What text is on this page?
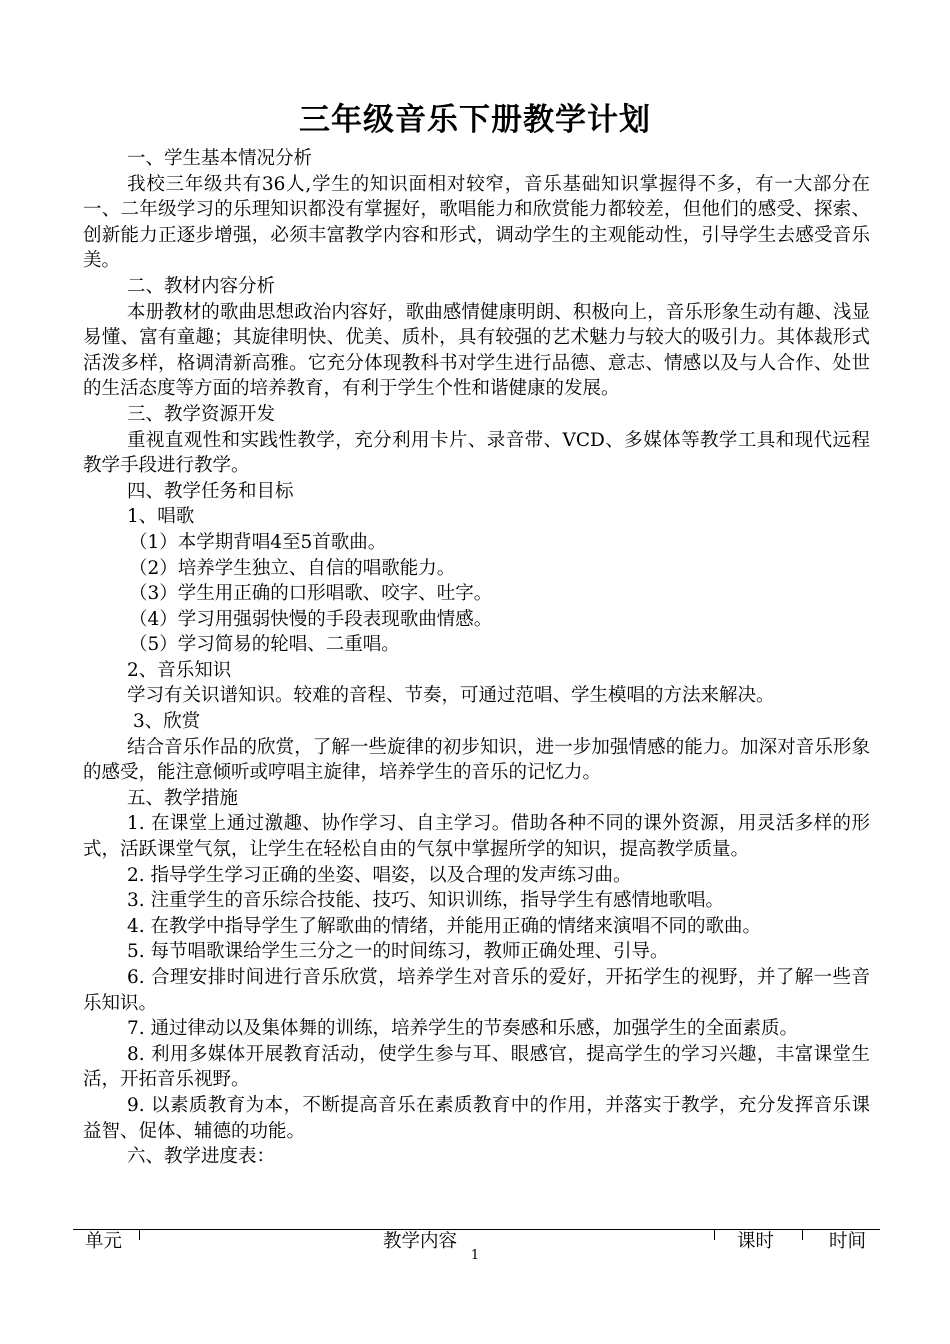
三年级音乐下册教学计划

一、学生基本情况分析

我校三年级共有36人,学生的知识面相对较窄，音乐基础知识掌握得不多，有一大部分在一、二年级学习的乐理知识都没有掌握好，歌唱能力和欣赏能力都较差，但他们的感受、探索、创新能力正逐步增强，必须丰富教学内容和形式，调动学生的主观能动性，引导学生去感受音乐美。

二、教材内容分析

本册教材的歌曲思想政治内容好，歌曲感情健康明朗、积极向上，音乐形象生动有趣、浅显易懂、富有童趣；其旋律明快、优美、质朴，具有较强的艺术魅力与较大的吸引力。其体裁形式活泼多样，格调清新高雅。它充分体现教科书对学生进行品德、意志、情感以及与人合作、处世的生活态度等方面的培养教育，有利于学生个性和谐健康的发展。

三、教学资源开发

重视直观性和实践性教学，充分利用卡片、录音带、VCD、多媒体等教学工具和现代远程教学手段进行教学。

四、教学任务和目标

1、唱歌

（1）本学期背唱4至5首歌曲。

（2）培养学生独立、自信的唱歌能力。

（3）学生用正确的口形唱歌、咬字、吐字。

（4）学习用强弱快慢的手段表现歌曲情感。

（5）学习简易的轮唱、二重唱。

2、音乐知识

学习有关识谱知识。较难的音程、节奏，可通过范唱、学生模唱的方法来解决。

3、欣赏

结合音乐作品的欣赏，了解一些旋律的初步知识，进一步加强情感的能力。加深对音乐形象的感受，能注意倾听或哼唱主旋律，培养学生的音乐的记忆力。

五、教学措施

1. 在课堂上通过激趣、协作学习、自主学习。借助各种不同的课外资源，用灵活多样的形式，活跃课堂气氛，让学生在轻松自由的气氛中掌握所学的知识，提高教学质量。

2. 指导学生学习正确的坐姿、唱姿，以及合理的发声练习曲。

3. 注重学生的音乐综合技能、技巧、知识训练，指导学生有感情地歌唱。

4. 在教学中指导学生了解歌曲的情绪，并能用正确的情绪来演唱不同的歌曲。

5. 每节唱歌课给学生三分之一的时间练习，教师正确处理、引导。

6. 合理安排时间进行音乐欣赏，培养学生对音乐的爱好，开拓学生的视野，并了解一些音乐知识。

7. 通过律动以及集体舞的训练，培养学生的节奏感和乐感，加强学生的全面素质。

8. 利用多媒体开展教育活动，使学生参与耳、眼感官，提高学生的学习兴趣，丰富课堂生活，开拓音乐视野。

9. 以素质教育为本，不断提高音乐在素质教育中的作用，并落实于教学，充分发挥音乐课益智、促体、辅德的功能。

六、教学进度表：

单元	教学内容	课时	时间
1
